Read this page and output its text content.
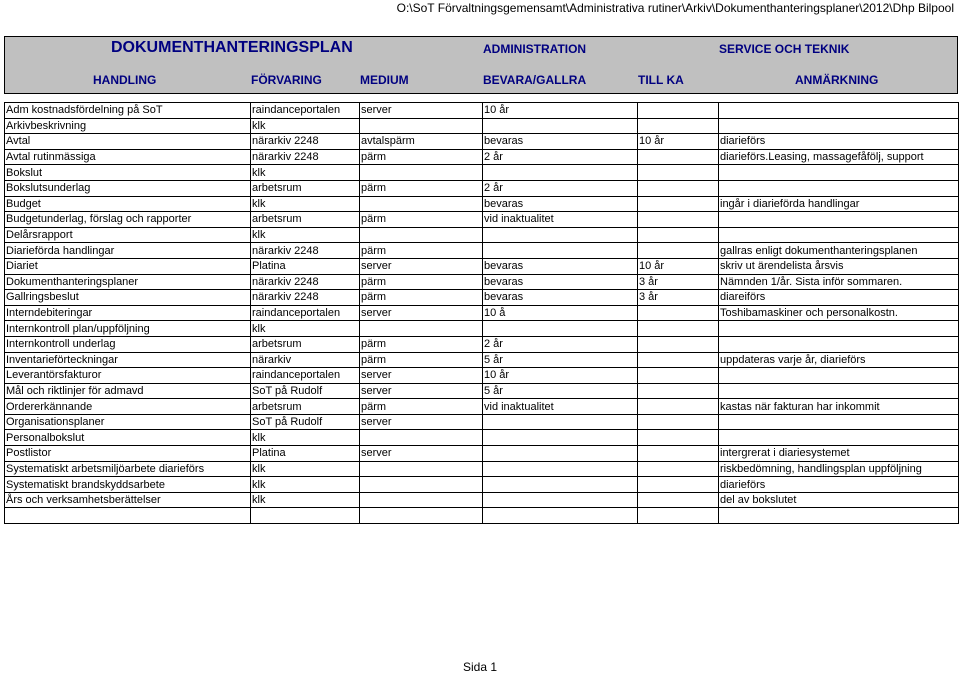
O:\SoT Förvaltningsgemensamt\Administrativa rutiner\Arkiv\Dokumenthanteringsplaner\2012\Dhp Bilpool
DOKUMENTHANTERINGSPLAN	ADMINISTRATION	SERVICE OCH TEKNIK
HANDLING	FÖRVARING	MEDIUM	BEVARA/GALLRA	TILL KA	ANMÄRKNING
Adm kostnadsfördelning på SoT	raindanceportalen	server	10 år		
Arkivbeskrivning	klk				
Avtal	närarkiv 2248	avtalspärm	bevaras	10 år	diarieförs
Avtal rutinmässiga	närarkiv 2248	pärm	2 år		diarieförs.Leasing, massagefåfölj, support
Bokslut	klk				
Bokslutsunderlag	arbetsrum	pärm	2 år		
Budget	klk		bevaras		ingår i diarieförda handlingar
Budgetunderlag, förslag och rapporter	arbetsrum	pärm	vid inaktualitet		
Delårsrapport	klk				
Diarieförda handlingar	närarkiv 2248	pärm			gallras enligt dokumenthanteringsplanen
Diariet	Platina	server	bevaras	10 år	skriv ut ärendelista årsvis
Dokumenthanteringsplaner	närarkiv 2248	pärm	bevaras	3 år	Nämnden 1/år. Sista inför sommaren.
Gallringsbeslut	närarkiv 2248	pärm	bevaras	3 år	diareiförs
Interndebiteringar	raindanceportalen	server	10 å		Toshibamaskiner och personalkostn.
Internkontroll plan/uppföljning	klk				
Internkontroll underlag	arbetsrum	pärm	2 år		
Inventarieförteckningar	närarkiv	pärm	5 år		uppdateras varje år, diarieförs
Leverantörsfakturor	raindanceportalen	server	10 år		
Mål och riktlinjer för admavd	SoT på Rudolf	server	5 år		
Ordererkännande	arbetsrum	pärm	vid inaktualitet		kastas när fakturan har inkommit
Organisationsplaner	SoT på Rudolf	server			
Personalbokslut	klk				
Postlistor	Platina	server			intergrerat i diariesystemet
Systematiskt arbetsmiljöarbete diarieförs	klk				riskbedömning, handlingsplan uppföljning
Systematiskt brandskyddsarbete	klk				diarieförs
Års och verksamhetsberättelser	klk				del av bokslutet

Sida 1
